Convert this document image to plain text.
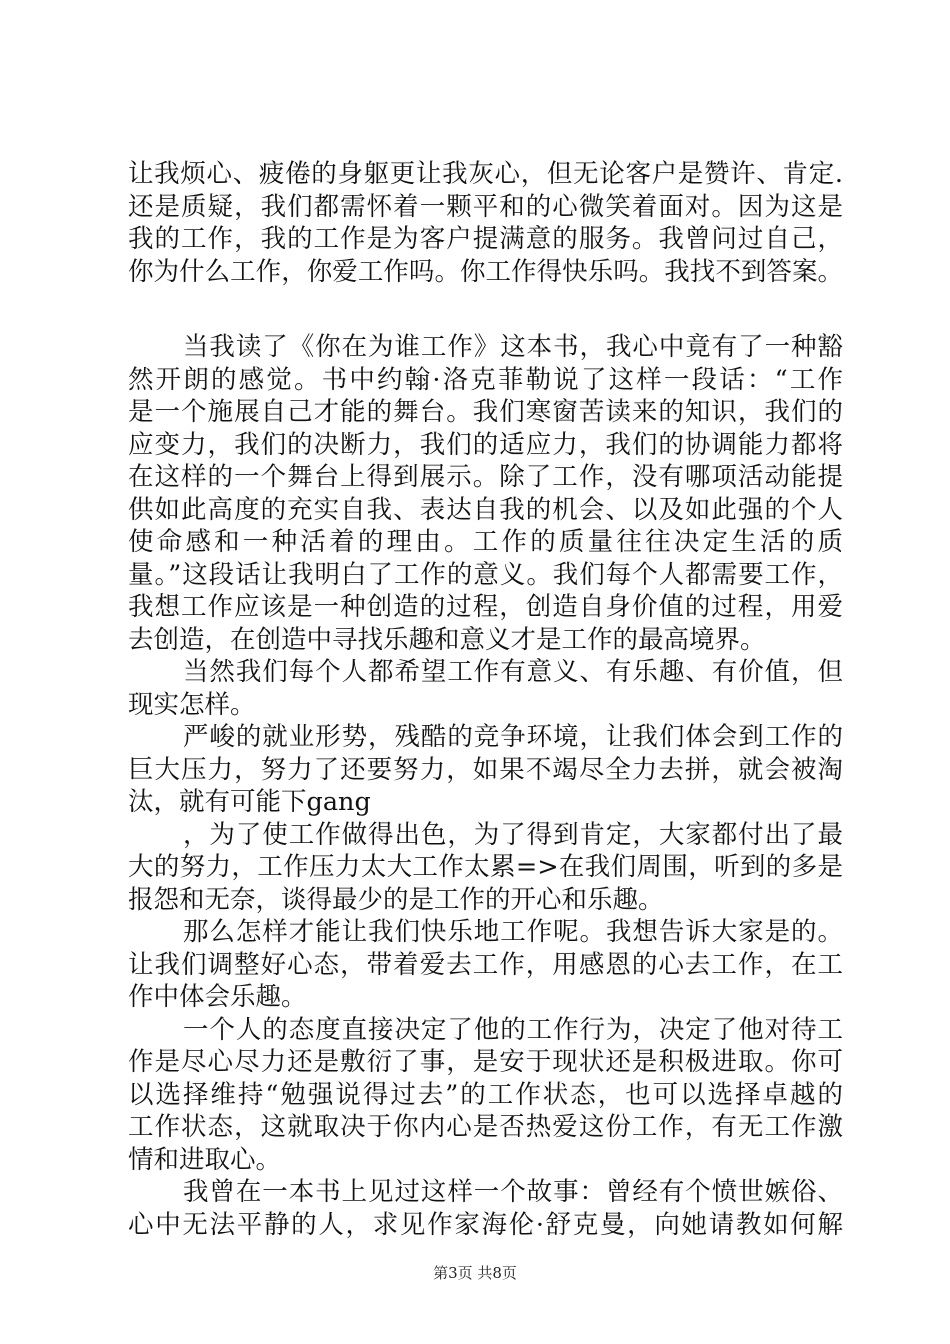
让我烦心、疲倦的身躯更让我灰心，但无论客户是赞许、肯定.
还是质疑，我们都需怀着一颗平和的心微笑着面对。因为这是
我的工作，我的工作是为客户提满意的服务。我曾问过自己，
你为什么工作，你爱工作吗。你工作得快乐吗。我找不到答案。
当我读了《你在为谁工作》这本书，我心中竟有了一种豁
然开朗的感觉。书中约翰·洛克菲勒说了这样一段话：“工作
是一个施展自己才能的舞台。我们寒窗苦读来的知识，我们的
应变力，我们的决断力，我们的适应力，我们的协调能力都将
在这样的一个舞台上得到展示。除了工作，没有哪项活动能提
供如此高度的充实自我、表达自我的机会、以及如此强的个人
使命感和一种活着的理由。工作的质量往往决定生活的质
量。”这段话让我明白了工作的意义。我们每个人都需要工作，
我想工作应该是一种创造的过程，创造自身价值的过程，用爱
去创造，在创造中寻找乐趣和意义才是工作的最高境界。
当然我们每个人都希望工作有意义、有乐趣、有价值，但
现实怎样。
严峻的就业形势，残酷的竞争环境，让我们体会到工作的
巨大压力，努力了还要努力，如果不竭尽全力去拼，就会被淘
汰，就有可能下gang
，为了使工作做得出色，为了得到肯定，大家都付出了最
大的努力，工作压力太大工作太累=>在我们周围，听到的多是
报怨和无奈，谈得最少的是工作的开心和乐趣。
那么怎样才能让我们快乐地工作呢。我想告诉大家是的。
让我们调整好心态，带着爱去工作，用感恩的心去工作，在工
作中体会乐趣。
一个人的态度直接决定了他的工作行为，决定了他对待工
作是尽心尽力还是敷衍了事，是安于现状还是积极进取。你可
以选择维持“勉强说得过去”的工作状态，也可以选择卓越的
工作状态，这就取决于你内心是否热爱这份工作，有无工作激
情和进取心。
我曾在一本书上见过这样一个故事：曾经有个愤世嫉俗、
心中无法平静的人，求见作家海伦·舒克曼，向她请教如何解
第3页 共8页
